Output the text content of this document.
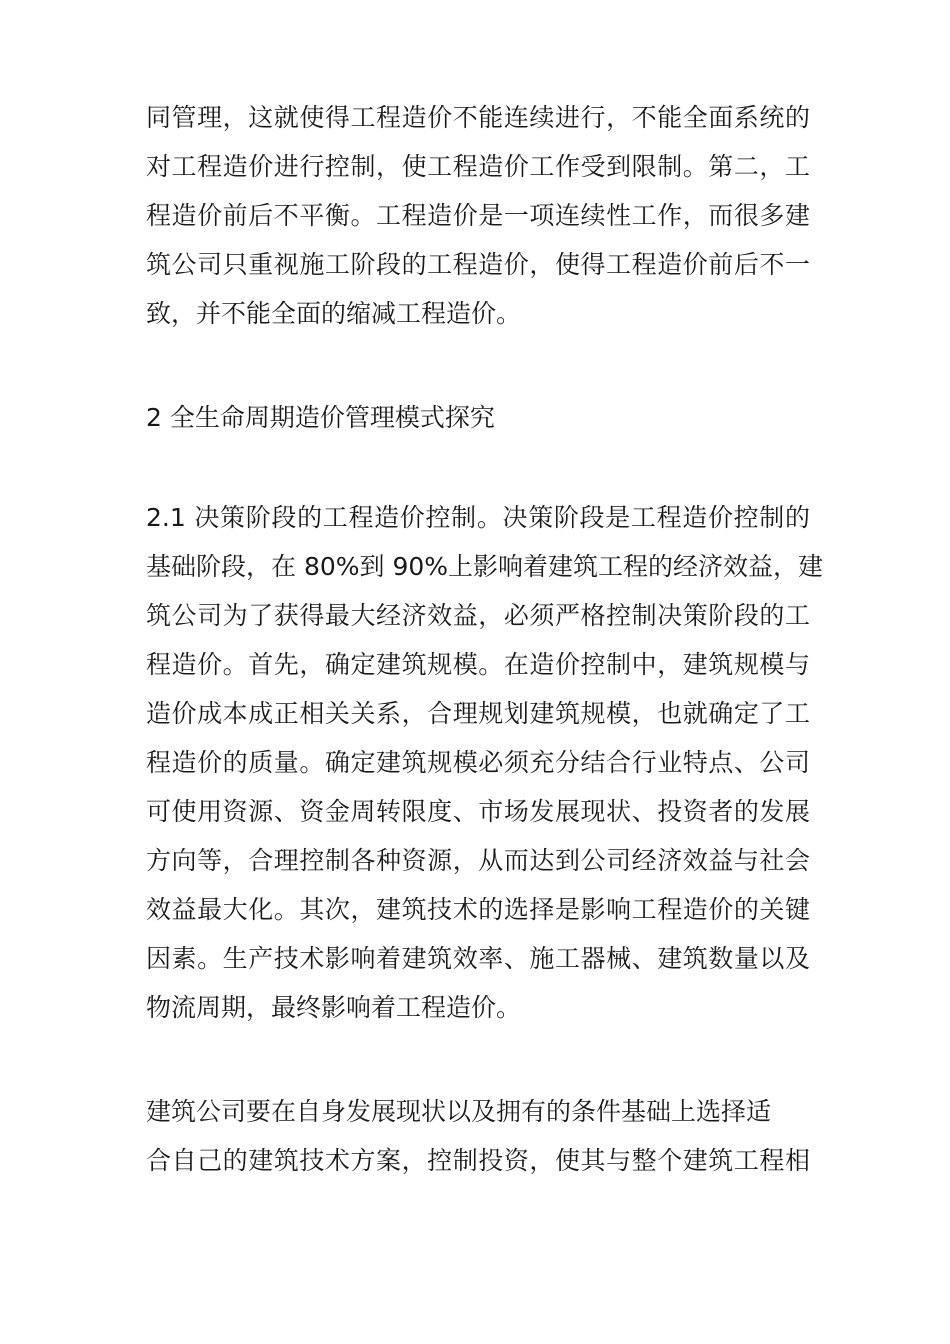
同管理，这就使得工程造价不能连续进行，不能全面系统的
对工程造价进行控制，使工程造价工作受到限制。第二，工
程造价前后不平衡。工程造价是一项连续性工作，而很多建
筑公司只重视施工阶段的工程造价，使得工程造价前后不一
致，并不能全面的缩减工程造价。
2 全生命周期造价管理模式探究
2.1 决策阶段的工程造价控制。决策阶段是工程造价控制的
基础阶段，在 80%到 90%上影响着建筑工程的经济效益，建
筑公司为了获得最大经济效益，必须严格控制决策阶段的工
程造价。首先，确定建筑规模。在造价控制中，建筑规模与
造价成本成正相关关系，合理规划建筑规模，也就确定了工
程造价的质量。确定建筑规模必须充分结合行业特点、公司
可使用资源、资金周转限度、市场发展现状、投资者的发展
方向等，合理控制各种资源，从而达到公司经济效益与社会
效益最大化。其次，建筑技术的选择是影响工程造价的关键
因素。生产技术影响着建筑效率、施工器械、建筑数量以及
物流周期，最终影响着工程造价。
建筑公司要在自身发展现状以及拥有的条件基础上选择适
合自己的建筑技术方案，控制投资，使其与整个建筑工程相
